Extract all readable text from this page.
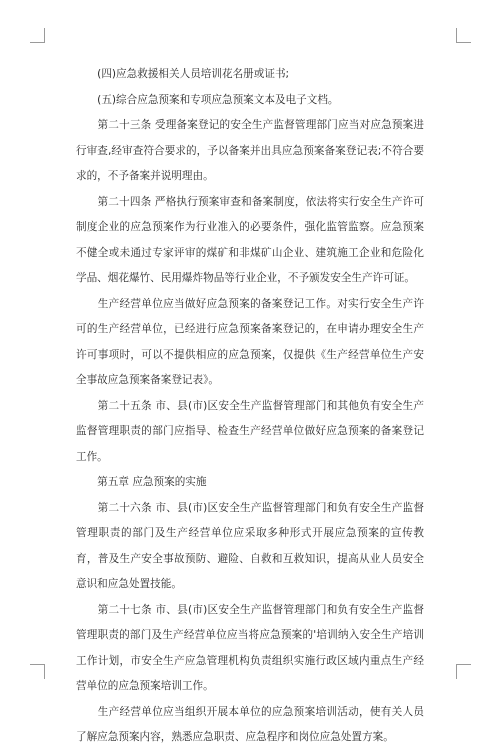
　　(四)应急救援相关人员培训花名册或证书;

　　(五)综合应急预案和专项应急预案文本及电子文档。

　　第二十三条 受理备案登记的安全生产监督管理部门应当对应急预案进行审查,经审查符合要求的，予以备案并出具应急预案备案登记表;不符合要求的，不予备案并说明理由。

　　第二十四条 严格执行预案审查和备案制度，依法将实行安全生产许可制度企业的应急预案作为行业准入的必要条件，强化监管监察。应急预案不健全或未通过专家评审的煤矿和非煤矿山企业、建筑施工企业和危险化学品、烟花爆竹、民用爆炸物品等行业企业，不予颁发安全生产许可证。

　　生产经营单位应当做好应急预案的备案登记工作。对实行安全生产许可的生产经营单位，已经进行应急预案备案登记的，在申请办理安全生产许可事项时，可以不提供相应的应急预案，仅提供《生产经营单位生产安全事故应急预案备案登记表》。

　　第二十五条 市、县(市)区安全生产监督管理部门和其他负有安全生产监督管理职责的部门应指导、检查生产经营单位做好应急预案的备案登记工作。

　　第五章 应急预案的实施

　　第二十六条 市、县(市)区安全生产监督管理部门和负有安全生产监督管理职责的部门及生产经营单位应采取多种形式开展应急预案的宣传教育，普及生产安全事故预防、避险、自救和互救知识，提高从业人员安全意识和应急处置技能。

　　第二十七条 市、县(市)区安全生产监督管理部门和负有安全生产监督管理职责的部门及生产经营单位应当将应急预案的'培训纳入安全生产培训工作计划，市安全生产应急管理机构负责组织实施行政区域内重点生产经营单位的应急预案培训工作。

　　生产经营单位应当组织开展本单位的应急预案培训活动，使有关人员了解应急预案内容，熟悉应急职责、应急程序和岗位应急处置方案。
